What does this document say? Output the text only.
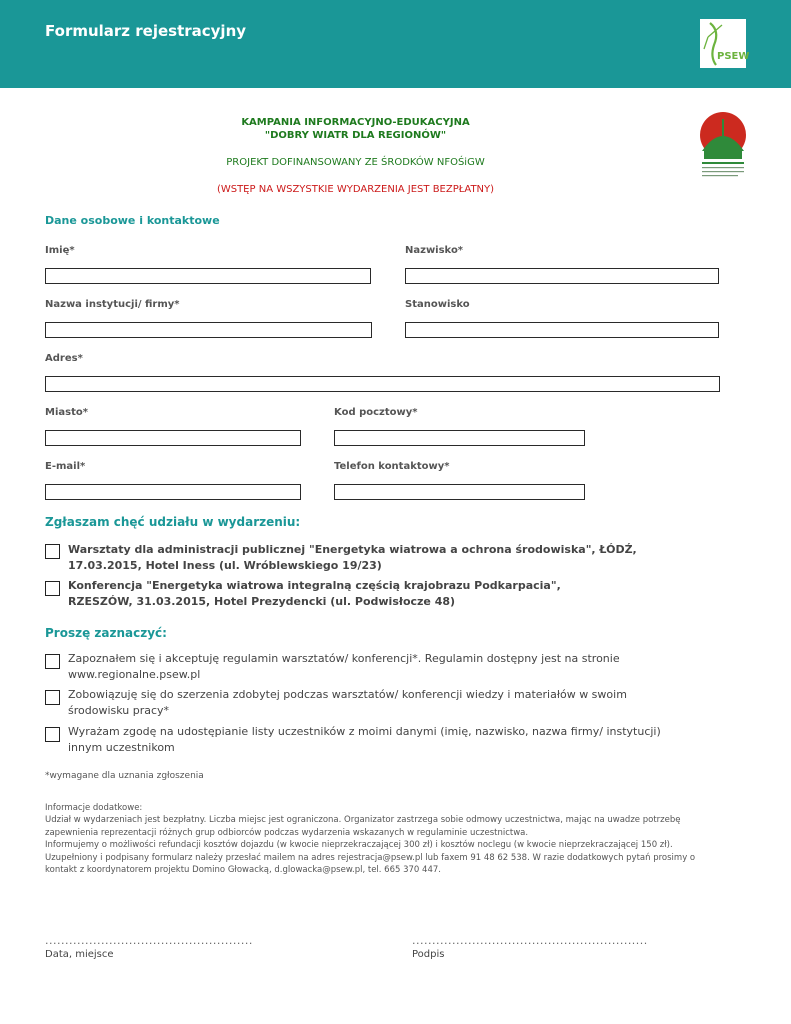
Formularz rejestracyjny
PSEW
KAMPANIA INFORMACYJNO-EDUKACYJNA
"DOBRY WIATR DLA REGIONÓW"
PROJEKT DOFINANSOWANY ZE ŚRODKÓW NFOŚiGW
(WSTĘP NA WSZYSTKIE WYDARZENIA JEST BEZPŁATNY)
Dane osobowe i kontaktowe
Imię*	Nazwisko*
Nazwa instytucji/ firmy*	Stanowisko
Adres*
Miasto*	Kod pocztowy*
E-mail*	Telefon kontaktowy*
Zgłaszam chęć udziału w wydarzeniu:
Warsztaty dla administracji publicznej "Energetyka wiatrowa a ochrona środowiska", ŁÓDŹ,
17.03.2015, Hotel Iness (ul. Wróblewskiego 19/23)
Konferencja "Energetyka wiatrowa integralną częścią krajobrazu Podkarpacia",
RZESZÓW, 31.03.2015, Hotel Prezydencki (ul. Podwisłocze 48)
Proszę zaznaczyć:
Zapoznałem się i akceptuję regulamin warsztatów/ konferencji*. Regulamin dostępny jest na stronie
www.regionalne.psew.pl
Zobowiązuję się do szerzenia zdobytej podczas warsztatów/ konferencji wiedzy i materiałów w swoim
środowisku pracy*
Wyrażam zgodę na udostępianie listy uczestników z moimi danymi (imię, nazwisko, nazwa firmy/ instytucji)
innym uczestnikom
*wymagane dla uznania zgłoszenia
Informacje dodatkowe:
Udział w wydarzeniach jest bezpłatny. Liczba miejsc jest ograniczona. Organizator zastrzega sobie odmowy uczestnictwa, mając na uwadze potrzebę
zapewnienia reprezentacji różnych grup odbiorców podczas wydarzenia wskazanych w regulaminie uczestnictwa.
Informujemy o możliwości refundacji kosztów dojazdu (w kwocie nieprzekraczającej 300 zł) i kosztów noclegu (w kwocie nieprzekraczającej 150 zł).
Uzupełniony i podpisany formularz należy przesłać mailem na adres rejestracja@psew.pl lub faxem 91 48 62 538. W razie dodatkowych pytań prosimy o
kontakt z koordynatorem projektu Domino Głowacką, d.glowacka@psew.pl, tel. 665 370 447.
....................................................
Data, miejsce
...........................................................
Podpis
